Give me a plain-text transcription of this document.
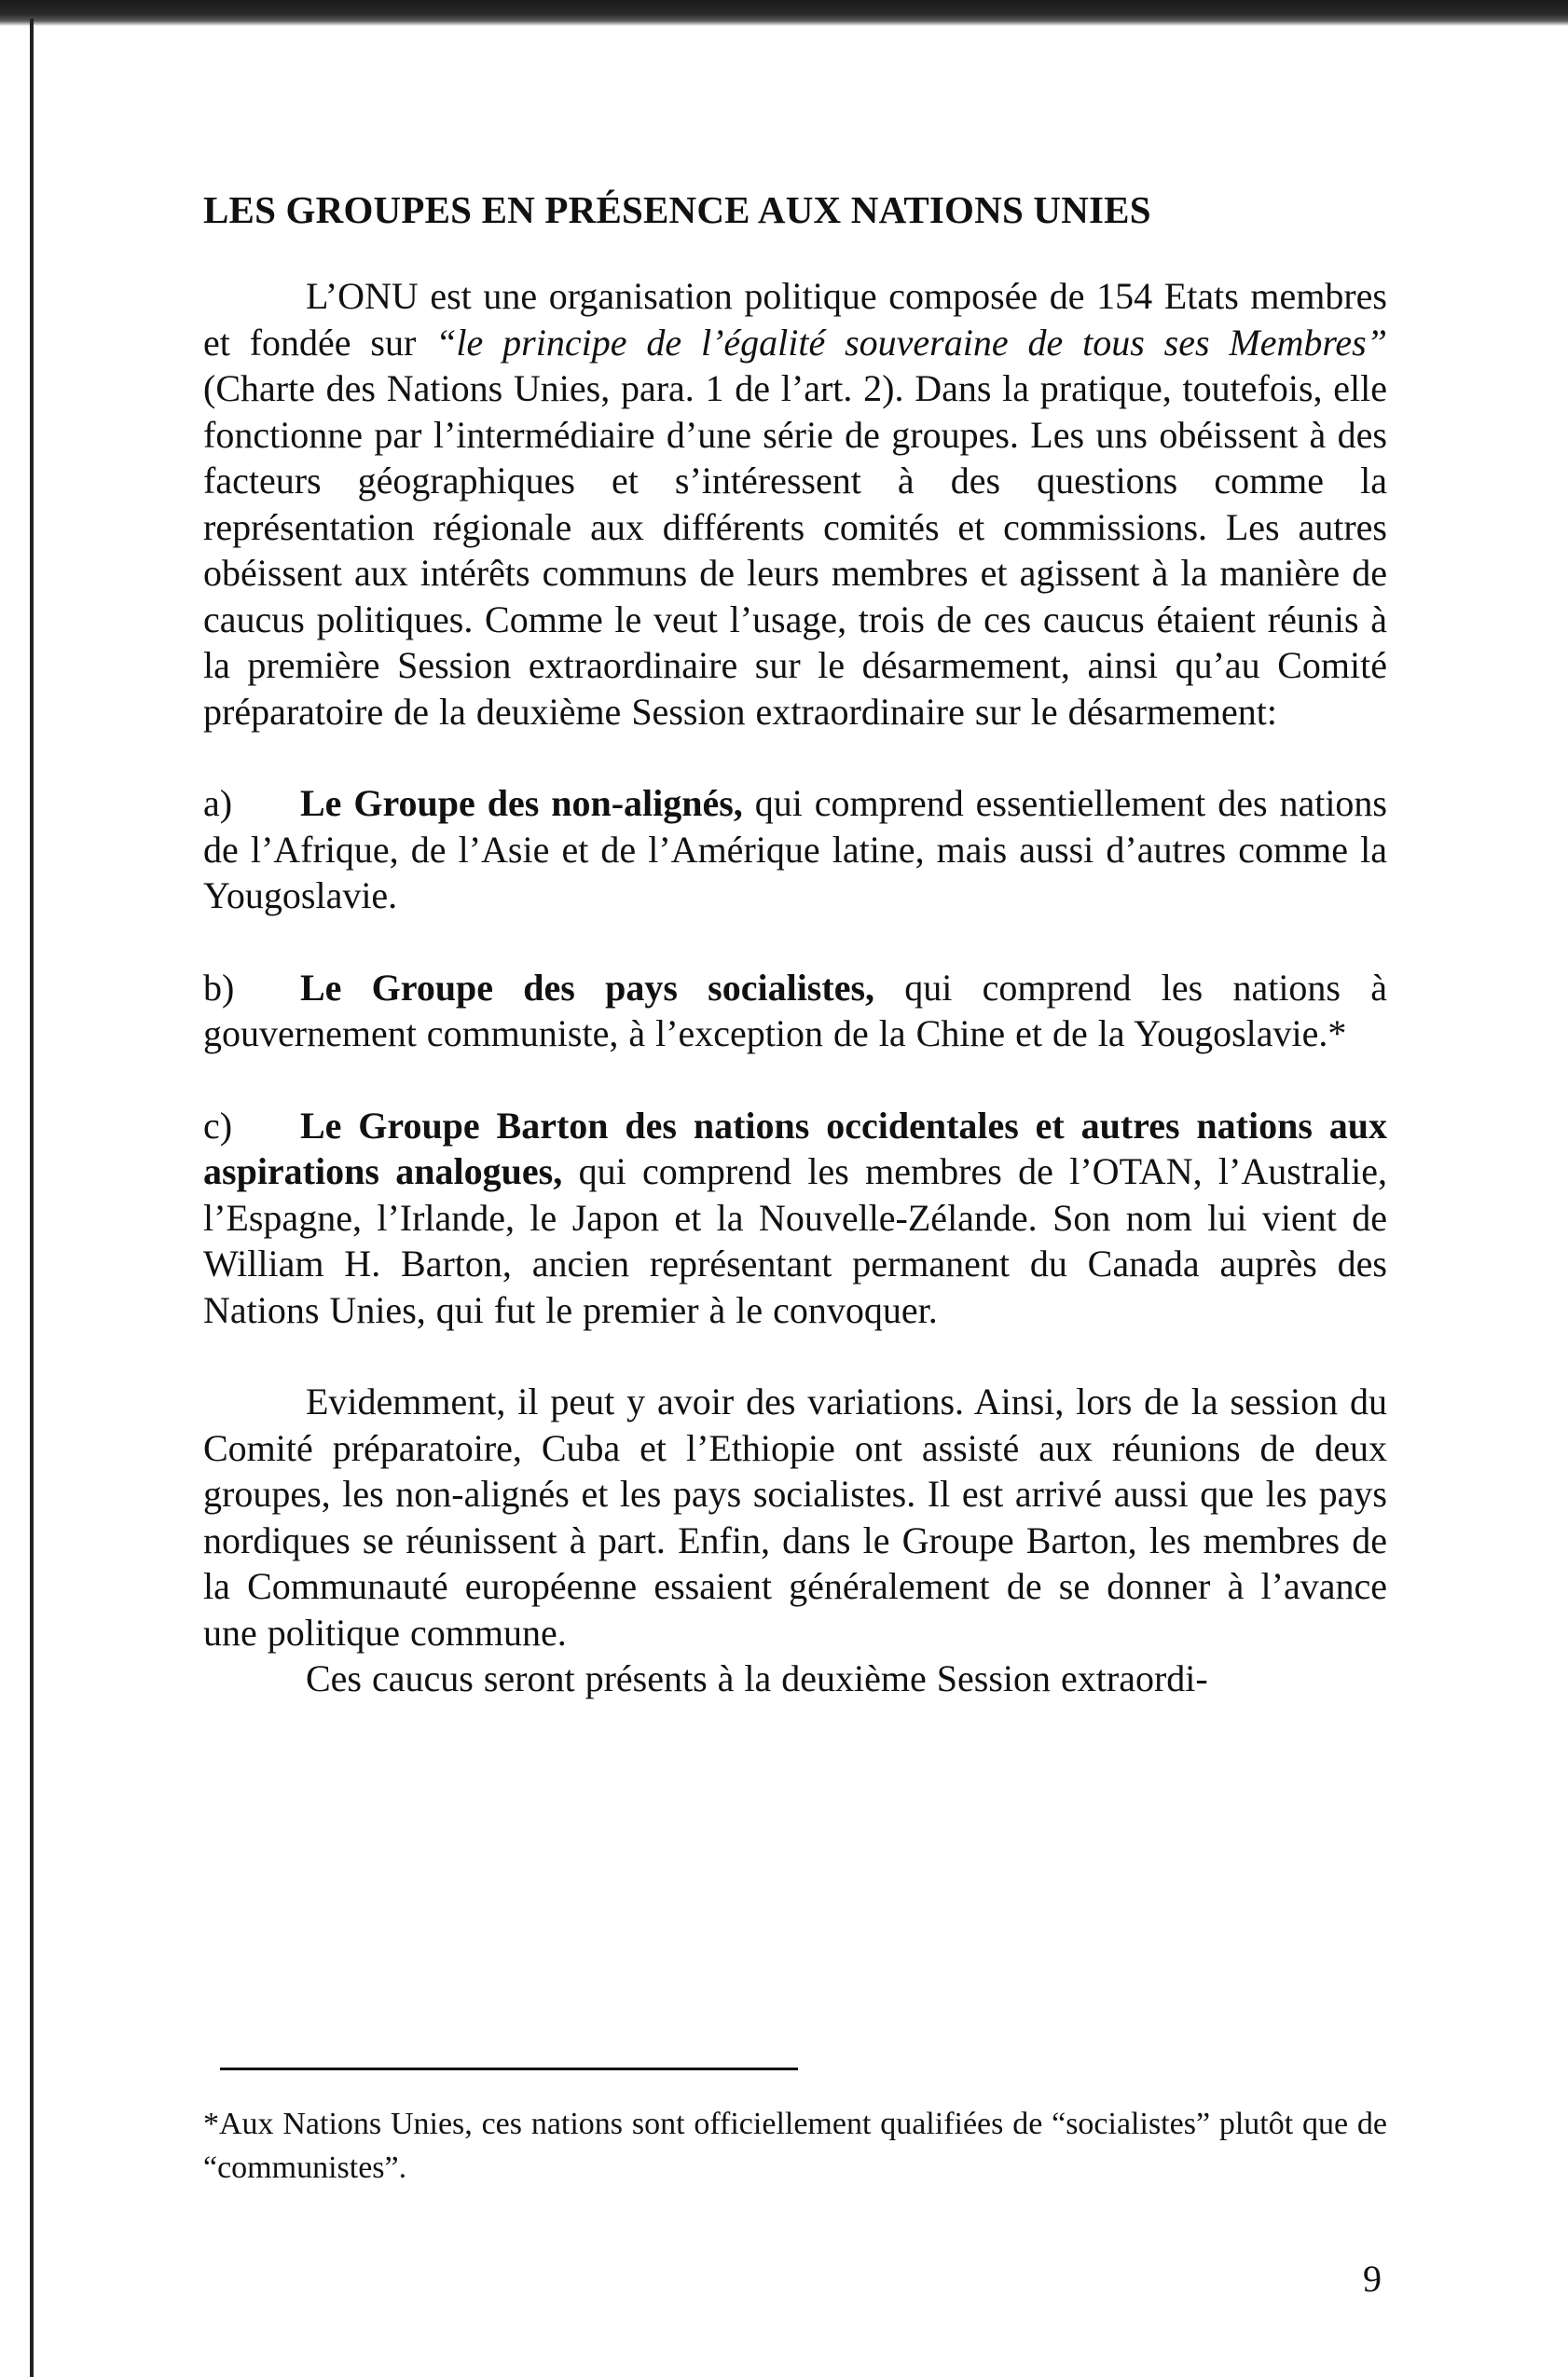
LES GROUPES EN PRÉSENCE AUX NATIONS UNIES

L’ONU est une organisation politique composée de 154 Etats membres et fondée sur “le principe de l’égalité souveraine de tous ses Membres” (Charte des Nations Unies, para. 1 de l’art. 2). Dans la pratique, toutefois, elle fonctionne par l’intermédiaire d’une série de groupes. Les uns obéissent à des facteurs géographiques et s’intéressent à des questions comme la représentation régionale aux différents comités et commissions. Les autres obéissent aux intérêts communs de leurs membres et agissent à la manière de caucus politiques. Comme le veut l’usage, trois de ces caucus étaient réunis à la première Session extraordinaire sur le désarmement, ainsi qu’au Comité préparatoire de la deuxième Session extraordinaire sur le désarmement:

a) Le Groupe des non-alignés, qui comprend essentiellement des nations de l’Afrique, de l’Asie et de l’Amérique latine, mais aussi d’autres comme la Yougoslavie.

b) Le Groupe des pays socialistes, qui comprend les nations à gouvernement communiste, à l’exception de la Chine et de la Yougoslavie.*

c) Le Groupe Barton des nations occidentales et autres nations aux aspirations analogues, qui comprend les membres de l’OTAN, l’Australie, l’Espagne, l’Irlande, le Japon et la Nouvelle-Zélande. Son nom lui vient de William H. Barton, ancien représentant permanent du Canada auprès des Nations Unies, qui fut le premier à le convoquer.

Evidemment, il peut y avoir des variations. Ainsi, lors de la session du Comité préparatoire, Cuba et l’Ethiopie ont assisté aux réunions de deux groupes, les non-alignés et les pays socialistes. Il est arrivé aussi que les pays nordiques se réunissent à part. Enfin, dans le Groupe Barton, les membres de la Communauté européenne essaient généralement de se donner à l’avance une politique commune.

Ces caucus seront présents à la deuxième Session extraordi-

*Aux Nations Unies, ces nations sont officiellement qualifiées de “socialistes” plutôt que de “communistes”.

9
